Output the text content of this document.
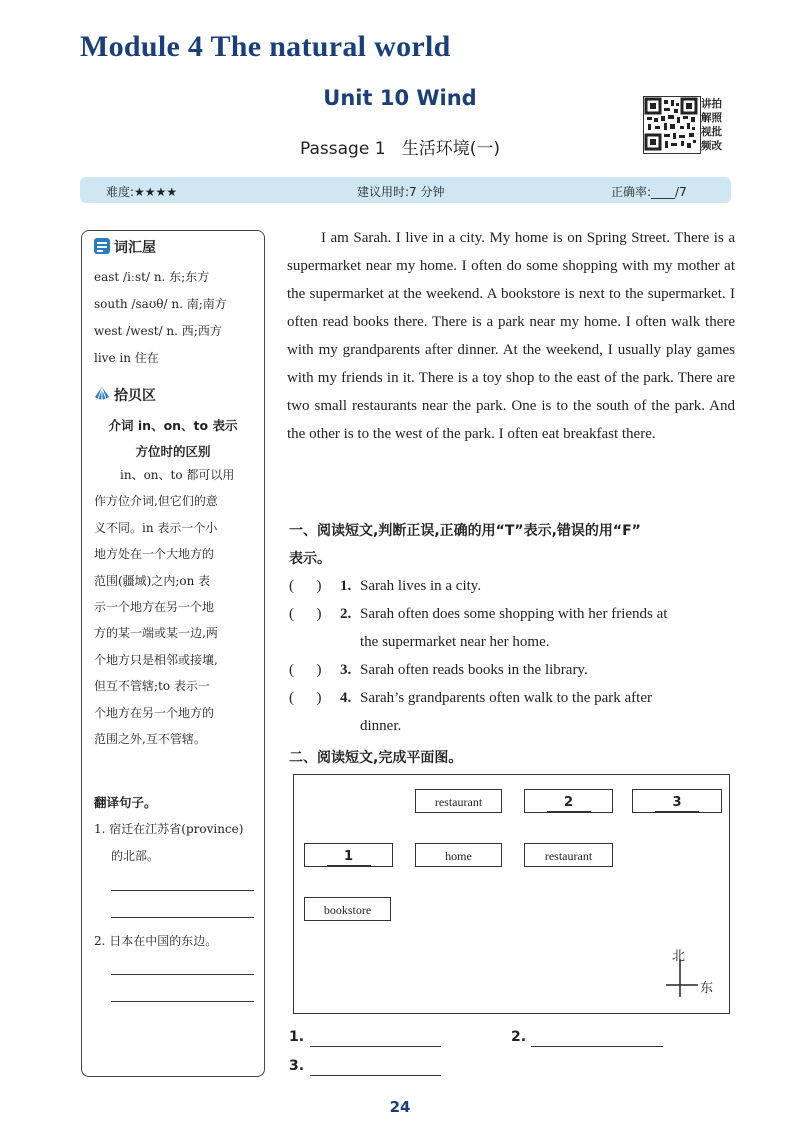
Module 4 The natural world
Unit 10 Wind
Passage 1   生活环境(一)
讲拍
解照
视批
频改
难度:★★★★	建议用时:7 分钟	正确率:____/7
词汇屋
east /iːst/ n. 东;东方
south /saʊθ/ n. 南;南方
west /west/ n. 西;西方
live in 住在
拾贝区
介词 in、on、to 表示
方位时的区别
in、on、to 都可以用
作方位介词,但它们的意
义不同。in 表示一个小
地方处在一个大地方的
范围(疆域)之内;on 表
示一个地方在另一个地
方的某一端或某一边,两
个地方只是相邻或接壤,
但互不管辖;to 表示一
个地方在另一个地方的
范围之外,互不管辖。
翻译句子。
1. 宿迁在江苏省(province)
的北部。
2. 日本在中国的东边。
I am Sarah. I live in a city. My home is on Spring Street. There is a supermarket near my home. I often do some shopping with my mother at the supermarket at the weekend. A bookstore is next to the supermarket. I often read books there. There is a park near my home. I often walk there with my grandparents after dinner. At the weekend, I usually play games with my friends in it. There is a toy shop to the east of the park. There are two small restaurants near the park. One is to the south of the park. And the other is to the west of the park. I often eat breakfast there.
一、阅读短文,判断正误,正确的用“T”表示,错误的用“F”
表示。
(      ) 1. Sarah lives in a city.
(      ) 2. Sarah often does some shopping with her friends at
the supermarket near her home.
(      ) 3. Sarah often reads books in the library.
(      ) 4. Sarah’s grandparents often walk to the park after
dinner.
二、阅读短文,完成平面图。
restaurant	2	3
1	home	restaurant
bookstore
北
东
1.	2.
3.
24
